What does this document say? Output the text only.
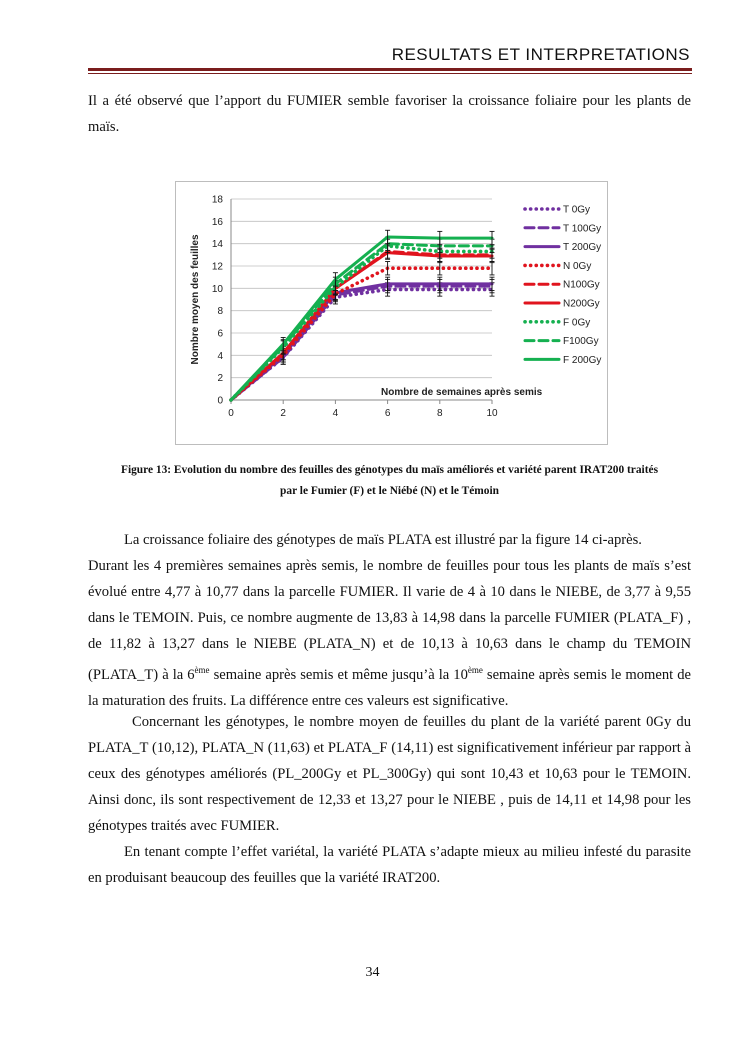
RESULTATS ET INTERPRETATIONS

Il a été observé que l’apport du FUMIER semble favoriser la croissance foliaire pour les plants de maïs.

0
2
4
6
8
10
12
14
16
18
0	2	4	6	8	10
Nombre moyen des feuilles
Nombre de semaines après semis
T 0Gy
T 100Gy
T 200Gy
N 0Gy
N100Gy
N200Gy
F 0Gy
F100Gy
F 200Gy

Figure 13: Evolution du nombre des feuilles des génotypes du maïs améliorés et variété parent IRAT200 traités
par le Fumier (F) et le Niébé (N) et le Témoin

La croissance foliaire des génotypes de maïs PLATA est illustré par la figure 14 ci-après.

Durant les 4 premières semaines après semis, le nombre de feuilles pour tous les plants de maïs s’est évolué entre 4,77 à 10,77 dans la parcelle FUMIER. Il varie de 4 à 10 dans le NIEBE, de 3,77 à 9,55 dans le TEMOIN. Puis, ce nombre augmente de 13,83 à 14,98 dans la parcelle FUMIER (PLATA_F) , de 11,82 à 13,27 dans le NIEBE (PLATA_N) et de 10,13 à 10,63 dans le champ du TEMOIN (PLATA_T) à la 6ème semaine après semis et même jusqu’à la 10ème semaine après semis le moment de la maturation des fruits. La différence entre ces valeurs est significative.

Concernant les génotypes, le nombre moyen de feuilles du plant de la variété parent 0Gy du PLATA_T (10,12), PLATA_N (11,63) et PLATA_F (14,11) est significativement inférieur par rapport à ceux des génotypes améliorés (PL_200Gy et PL_300Gy) qui sont 10,43 et 10,63 pour le TEMOIN. Ainsi donc, ils sont respectivement de 12,33 et 13,27 pour le NIEBE , puis de 14,11 et 14,98 pour les génotypes traités avec FUMIER.

En tenant compte l’effet variétal, la variété PLATA s’adapte mieux au milieu infesté du parasite en produisant beaucoup des feuilles que la variété IRAT200.

34
